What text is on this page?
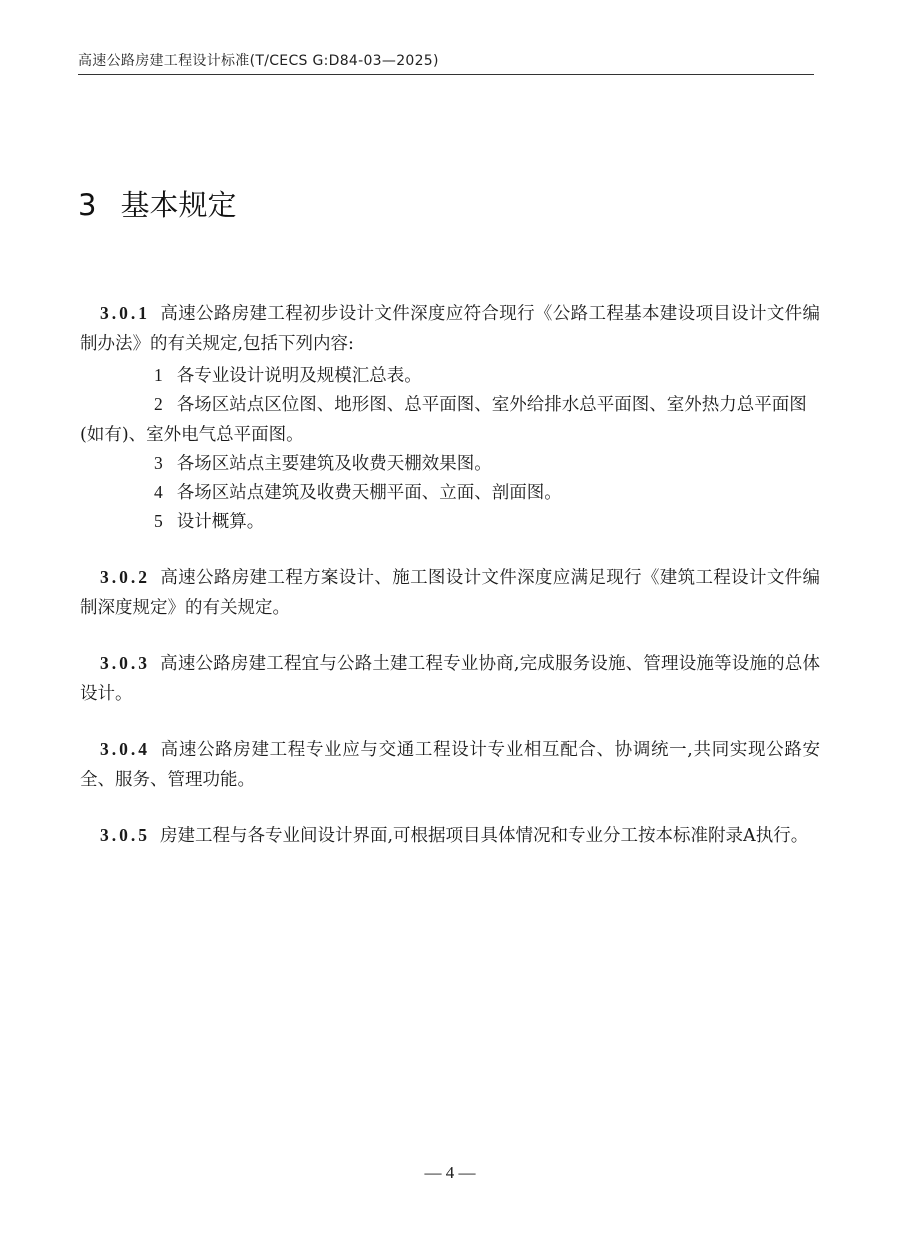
高速公路房建工程设计标准(T/CECS G:D84-03—2025)
3 基本规定

3.0.1 高速公路房建工程初步设计文件深度应符合现行《公路工程基本建设项目设计文件编制办法》的有关规定,包括下列内容:

1 各专业设计说明及规模汇总表。

2 各场区站点区位图、地形图、总平面图、室外给排水总平面图、室外热力总平面图(如有)、室外电气总平面图。

3 各场区站点主要建筑及收费天棚效果图。

4 各场区站点建筑及收费天棚平面、立面、剖面图。

5 设计概算。

3.0.2 高速公路房建工程方案设计、施工图设计文件深度应满足现行《建筑工程设计文件编制深度规定》的有关规定。

3.0.3 高速公路房建工程宜与公路土建工程专业协商,完成服务设施、管理设施等设施的总体设计。

3.0.4 高速公路房建工程专业应与交通工程设计专业相互配合、协调统一,共同实现公路安全、服务、管理功能。

3.0.5 房建工程与各专业间设计界面,可根据项目具体情况和专业分工按本标准附录A执行。

— 4 —
